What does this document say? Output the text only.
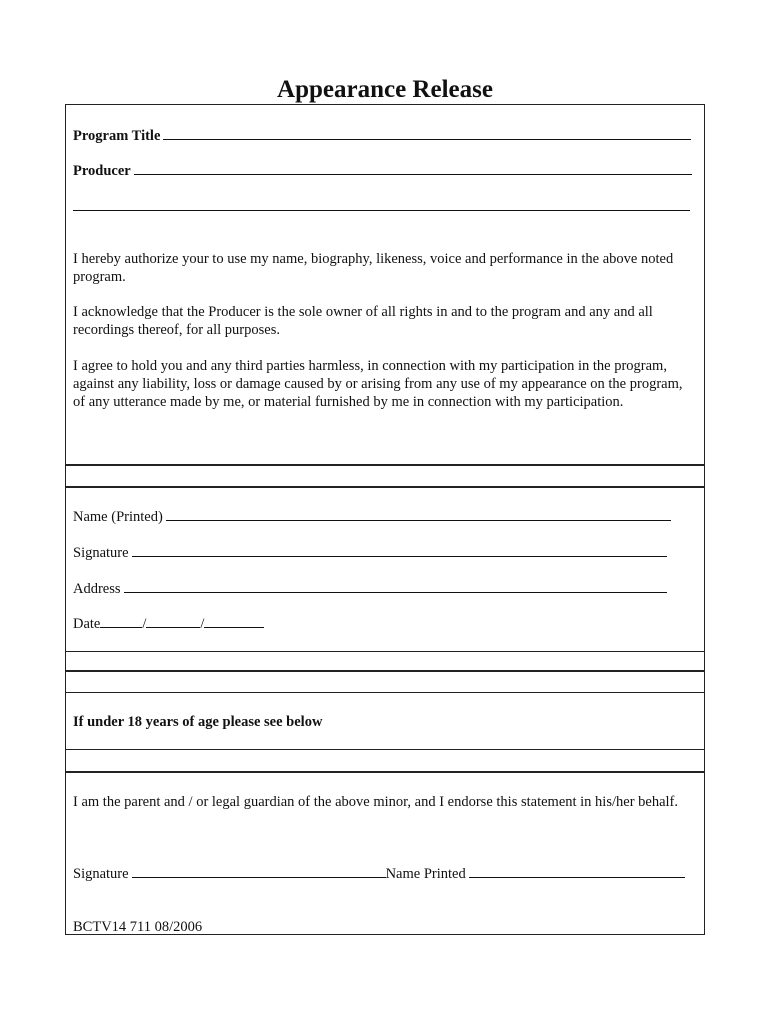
Appearance Release
Program Title
Producer

I hereby authorize your to use my name, biography, likeness, voice and performance in the above noted program.

I acknowledge that the Producer is the sole owner of all rights in and to the program and any and all recordings thereof, for all purposes.

I agree to hold you and any third parties harmless, in connection with my participation in the program, against any liability, loss or damage caused by or arising from any use of my appearance on the program, of any utterance made by me, or material furnished by me in connection with my participation.

Name (Printed)
Signature
Address
Date	/	/
If under 18 years of age please see below

I am the parent and / or legal guardian of the above minor, and I endorse this statement in his/her behalf.

Signature	Name Printed
BCTV14 711 08/2006
